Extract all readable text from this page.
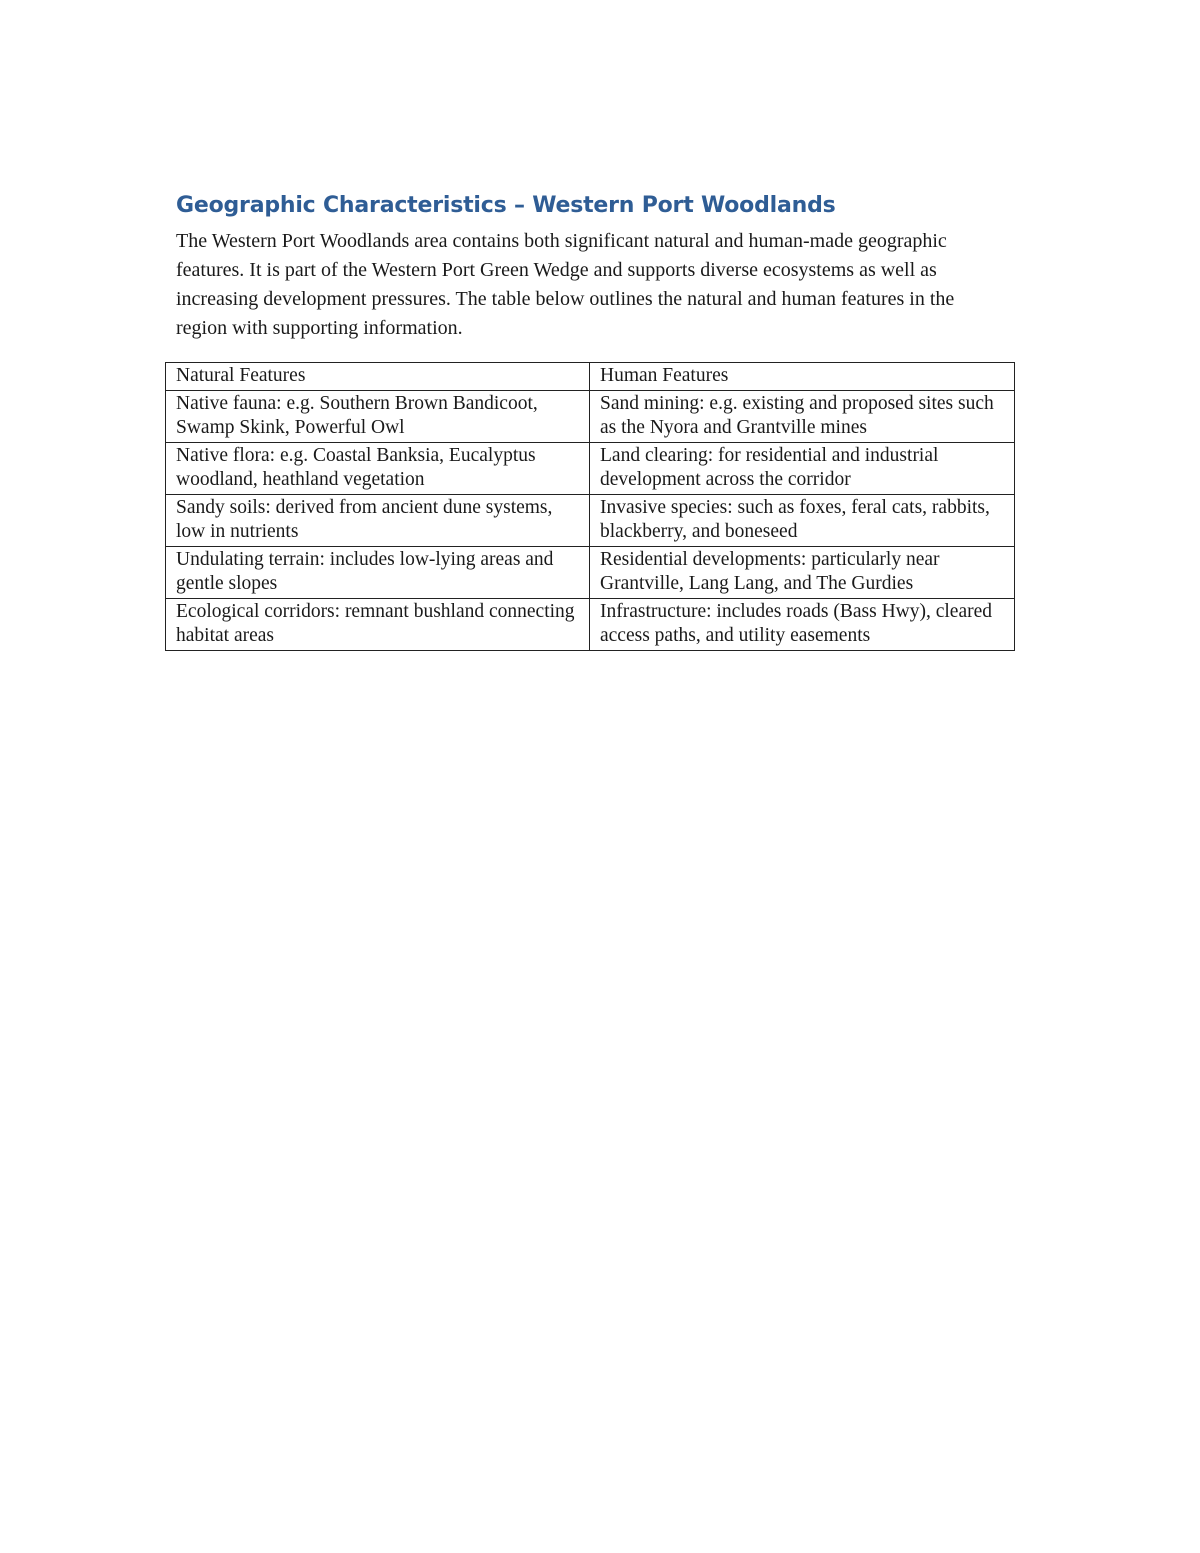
Geographic Characteristics – Western Port Woodlands

The Western Port Woodlands area contains both significant natural and human-made geographic features. It is part of the Western Port Green Wedge and supports diverse ecosystems as well as increasing development pressures. The table below outlines the natural and human features in the region with supporting information.

Natural Features	Human Features
Native fauna: e.g. Southern Brown Bandicoot, Swamp Skink, Powerful Owl	Sand mining: e.g. existing and proposed sites such as the Nyora and Grantville mines
Native flora: e.g. Coastal Banksia, Eucalyptus woodland, heathland vegetation	Land clearing: for residential and industrial development across the corridor
Sandy soils: derived from ancient dune systems, low in nutrients	Invasive species: such as foxes, feral cats, rabbits, blackberry, and boneseed
Undulating terrain: includes low-lying areas and gentle slopes	Residential developments: particularly near Grantville, Lang Lang, and The Gurdies
Ecological corridors: remnant bushland connecting habitat areas	Infrastructure: includes roads (Bass Hwy), cleared access paths, and utility easements
